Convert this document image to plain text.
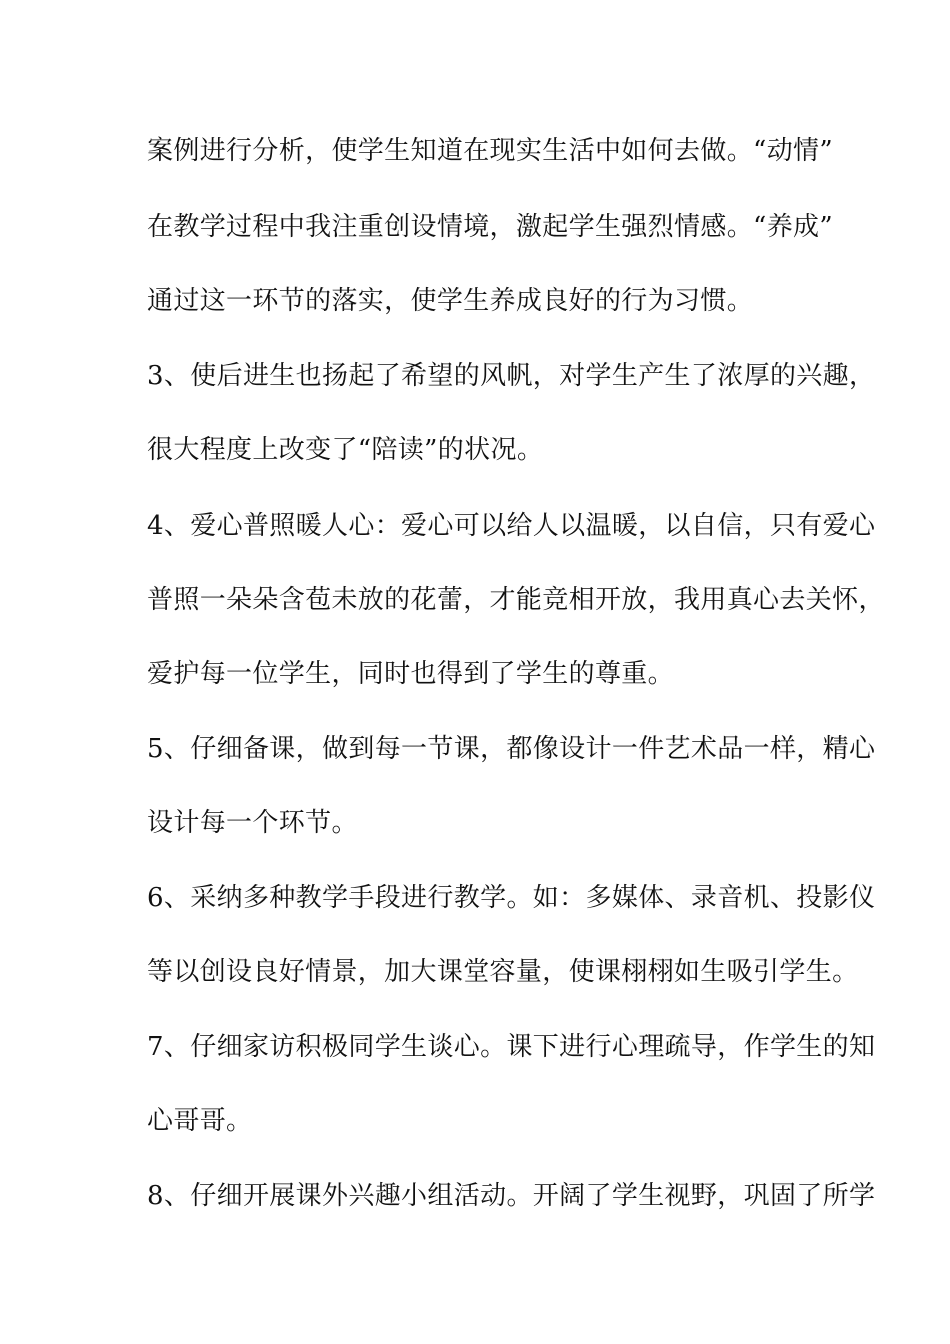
案例进行分析，使学生知道在现实生活中如何去做。“动情”
在教学过程中我注重创设情境，激起学生强烈情感。“养成”
通过这一环节的落实，使学生养成良好的行为习惯。
3、使后进生也扬起了希望的风帆，对学生产生了浓厚的兴趣，
很大程度上改变了“陪读”的状况。
4、爱心普照暖人心：爱心可以给人以温暖，以自信，只有爱心
普照一朵朵含苞未放的花蕾，才能竞相开放，我用真心去关怀，
爱护每一位学生，同时也得到了学生的尊重。
5、仔细备课，做到每一节课，都像设计一件艺术品一样，精心
设计每一个环节。
6、采纳多种教学手段进行教学。如：多媒体、录音机、投影仪
等以创设良好情景，加大课堂容量，使课栩栩如生吸引学生。
7、仔细家访积极同学生谈心。课下进行心理疏导，作学生的知
心哥哥。
8、仔细开展课外兴趣小组活动。开阔了学生视野，巩固了所学
